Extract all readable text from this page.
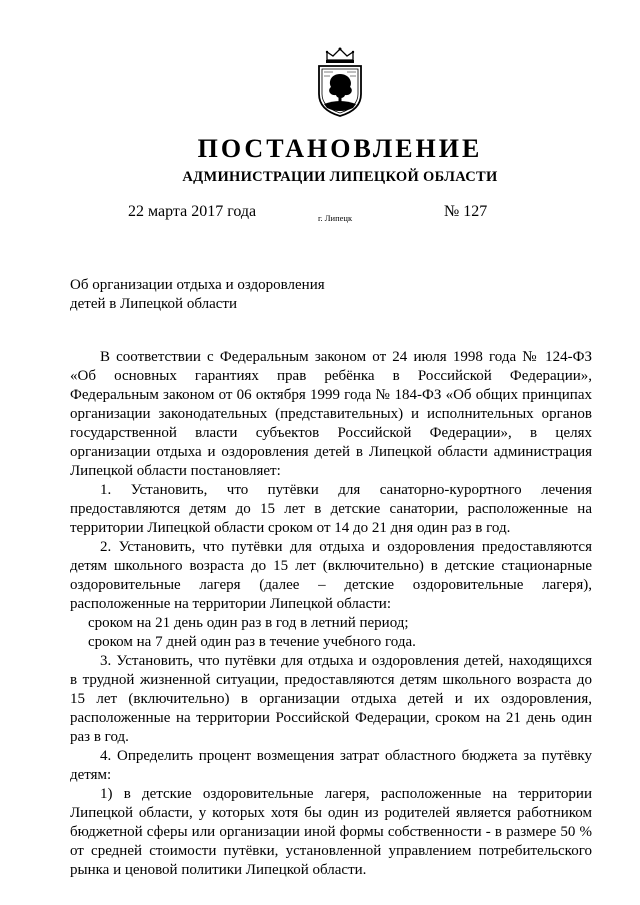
ПОСТАНОВЛЕНИЕ
АДМИНИСТРАЦИИ ЛИПЕЦКОЙ ОБЛАСТИ
22 марта 2017 года	г. Липецк	№ 127
Об организации отдыха и оздоровления
детей в Липецкой области
В соответствии с Федеральным законом от 24 июля 1998 года № 124-ФЗ
«Об основных гарантиях прав ребёнка в Российской Федерации»,
Федеральным законом от 06 октября 1999 года № 184-ФЗ «Об общих принципах
организации законодательных (представительных) и исполнительных органов
государственной власти субъектов Российской Федерации», в целях
организации отдыха и оздоровления детей в Липецкой области администрация
Липецкой области постановляет:
1. Установить, что путёвки для санаторно-курортного лечения
предоставляются детям до 15 лет в детские санатории, расположенные на
территории Липецкой области сроком от 14 до 21 дня один раз в год.
2. Установить, что путёвки для отдыха и оздоровления предоставляются
детям школьного возраста до 15 лет (включительно) в детские стационарные
оздоровительные лагеря (далее – детские оздоровительные лагеря),
расположенные на территории Липецкой области:
сроком на 21 день один раз в год в летний период;
сроком на 7 дней один раз в течение учебного года.
3. Установить, что путёвки для отдыха и оздоровления детей, находящихся
в трудной жизненной ситуации, предоставляются детям школьного возраста до
15 лет (включительно) в организации отдыха детей и их оздоровления,
расположенные на территории Российской Федерации, сроком на 21 день один
раз в год.
4. Определить процент возмещения затрат областного бюджета за путёвку
детям:
1) в детские оздоровительные лагеря, расположенные на территории
Липецкой области, у которых хотя бы один из родителей является работником
бюджетной сферы или организации иной формы собственности - в размере 50 %
от средней стоимости путёвки, установленной управлением потребительского
рынка и ценовой политики Липецкой области.
